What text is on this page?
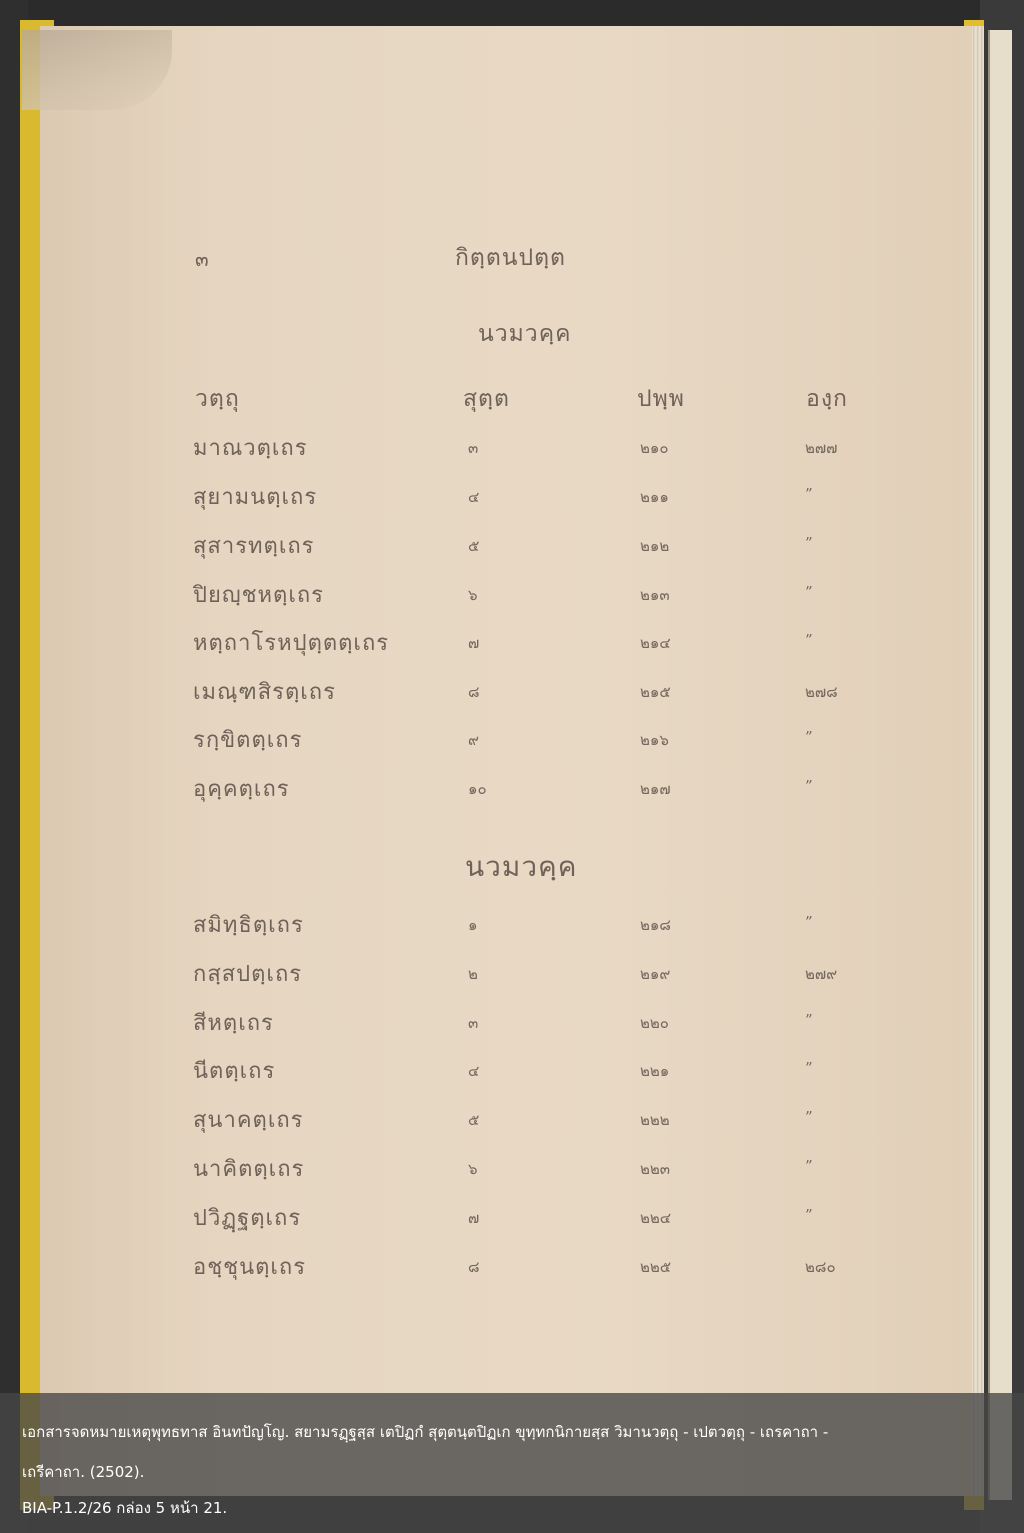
๓	กิตฺตนปตฺต
นวมวคฺค
วตฺถุ	สุตฺต	ปพฺพ	องฺก
มาณวตฺเถร	๓	๒๑๐	๒๗๗
สุยามนตฺเถร	๔	๒๑๑	”
สุสารทตฺเถร	๕	๒๑๒	”
ปิยญฺชหตฺเถร	๖	๒๑๓	”
หตฺถาโรหปุตฺตตฺเถร	๗	๒๑๔	”
เมณฺฑสิรตฺเถร	๘	๒๑๕	๒๗๘
รกฺขิตตฺเถร	๙	๒๑๖	”
อุคฺคตฺเถร	๑๐	๒๑๗	”
นวมวคฺค
สมิทฺธิตฺเถร	๑	๒๑๘	”
กสฺสปตฺเถร	๒	๒๑๙	๒๗๙
สีหตฺเถร	๓	๒๒๐	”
นีตตฺเถร	๔	๒๒๑	”
สุนาคตฺเถร	๕	๒๒๒	”
นาคิตตฺเถร	๖	๒๒๓	”
ปวิฏฺฐตฺเถร	๗	๒๒๔	”
อชฺชุนตฺเถร	๘	๒๒๕	๒๘๐

เอกสารจดหมายเหตุพุทธทาส อินทปัญโญ. สยามรฏฺฐสฺส เตปิฏกํ สุตฺตนฺตปิฏเก ขุทฺทกนิกายสฺส วิมานวตฺถุ - เปตวตฺถุ - เถรคาถา -

เถรีคาถา. (2502).

BIA-P.1.2/26 กล่อง 5 หน้า 21.
